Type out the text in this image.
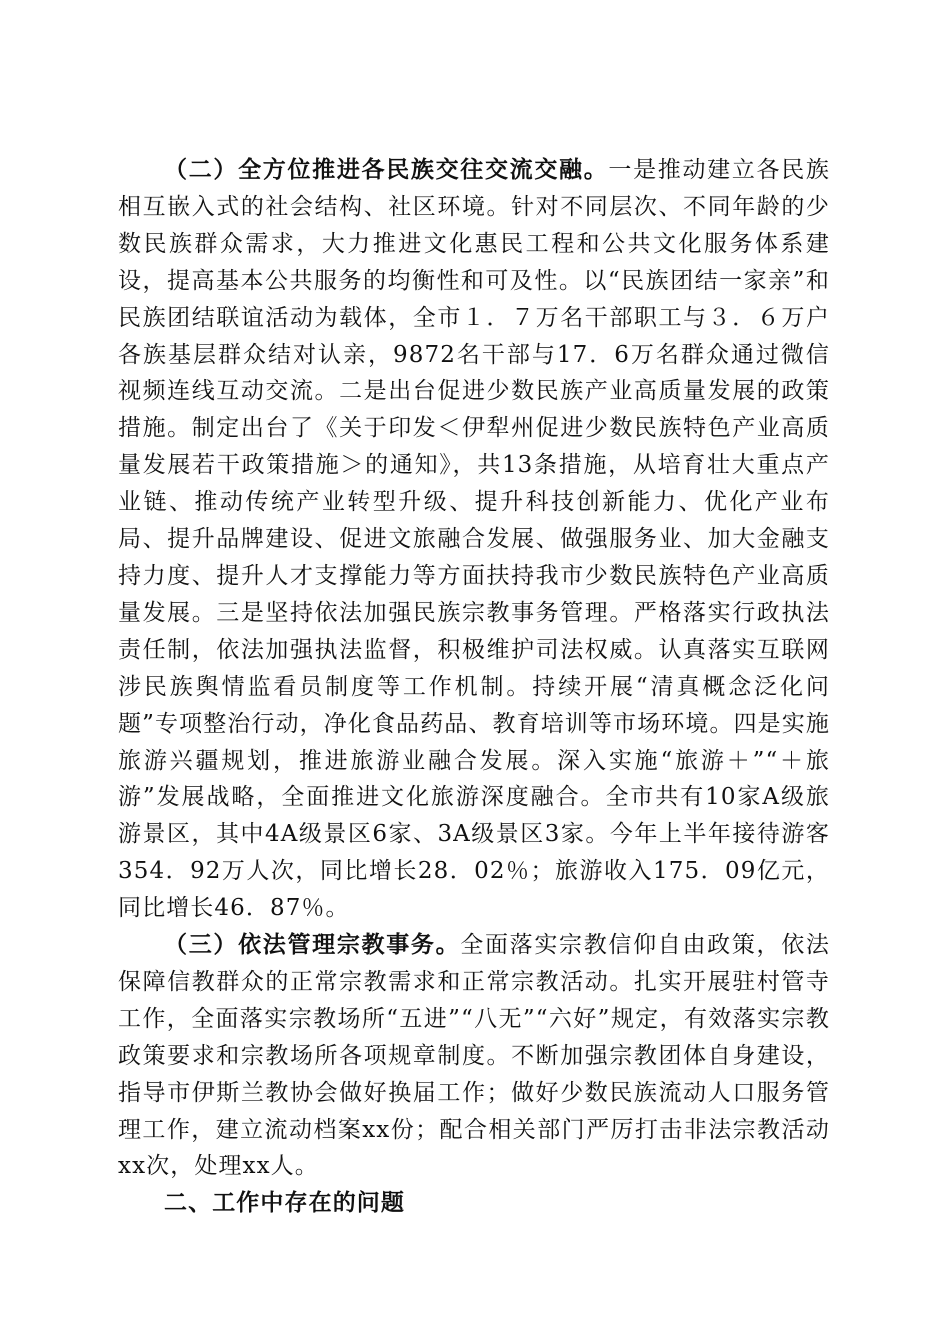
（二）全方位推进各民族交往交流交融。一是推动建立各民族相互嵌入式的社会结构、社区环境。针对不同层次、不同年龄的少数民族群众需求，大力推进文化惠民工程和公共文化服务体系建设，提高基本公共服务的均衡性和可及性。以“民族团结一家亲”和民族团结联谊活动为载体，全市１．７万名干部职工与３．６万户各族基层群众结对认亲，9872名干部与17．6万名群众通过微信视频连线互动交流。二是出台促进少数民族产业高质量发展的政策措施。制定出台了《关于印发＜伊犁州促进少数民族特色产业高质量发展若干政策措施＞的通知》，共13条措施，从培育壮大重点产业链、推动传统产业转型升级、提升科技创新能力、优化产业布局、提升品牌建设、促进文旅融合发展、做强服务业、加大金融支持力度、提升人才支撑能力等方面扶持我市少数民族特色产业高质量发展。三是坚持依法加强民族宗教事务管理。严格落实行政执法责任制，依法加强执法监督，积极维护司法权威。认真落实互联网涉民族舆情监看员制度等工作机制。持续开展“清真概念泛化问题”专项整治行动，净化食品药品、教育培训等市场环境。四是实施旅游兴疆规划，推进旅游业融合发展。深入实施“旅游＋”“＋旅游”发展战略，全面推进文化旅游深度融合。全市共有10家A级旅游景区，其中4A级景区6家、3A级景区3家。今年上半年接待游客354．92万人次，同比增长28．02％；旅游收入175．09亿元，同比增长46．87％。

（三）依法管理宗教事务。全面落实宗教信仰自由政策，依法保障信教群众的正常宗教需求和正常宗教活动。扎实开展驻村管寺工作，全面落实宗教场所“五进”“八无”“六好”规定，有效落实宗教政策要求和宗教场所各项规章制度。不断加强宗教团体自身建设，指导市伊斯兰教协会做好换届工作；做好少数民族流动人口服务管理工作，建立流动档案xx份；配合相关部门严厉打击非法宗教活动xx次，处理xx人。

二、工作中存在的问题
